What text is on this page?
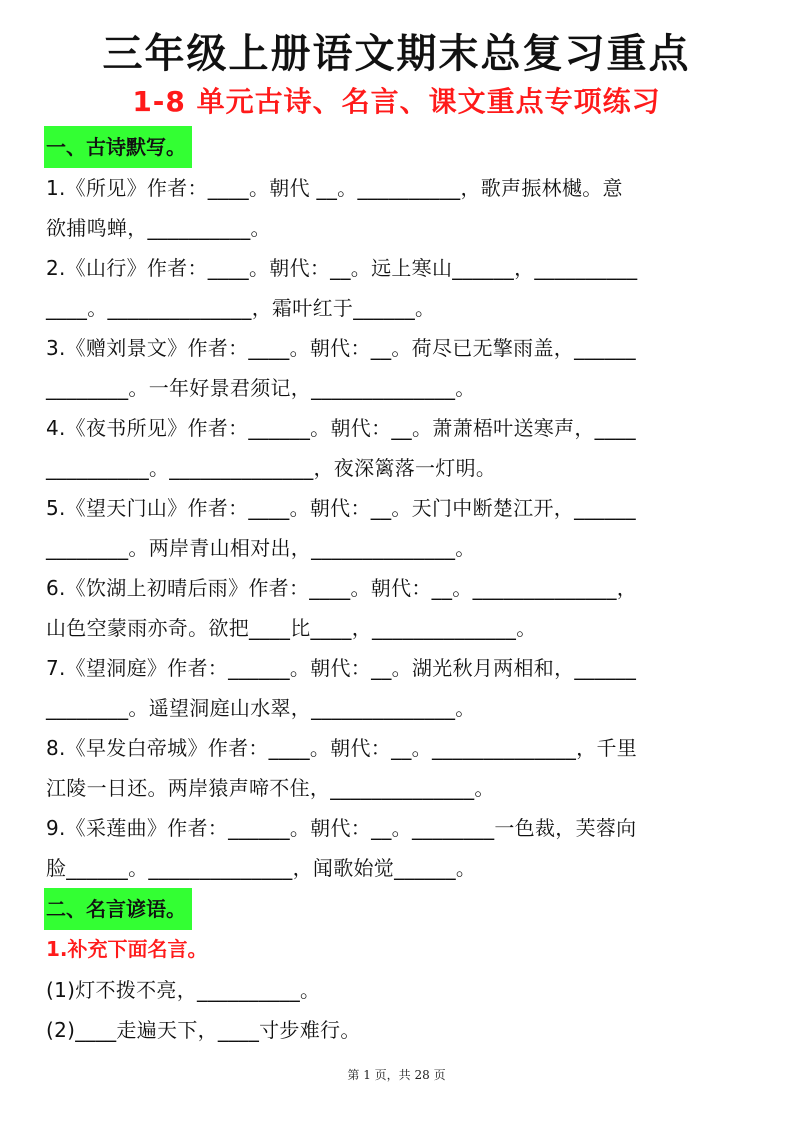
三年级上册语文期末总复习重点
1-8 单元古诗、名言、课文重点专项练习
一、古诗默写。
1.《所见》作者：____。朝代 __。__________，歌声振林樾。意
欲捕鸣蝉，__________。
2.《山行》作者：____。朝代：__。远上寒山______，__________
____。______________，霜叶红于______。
3.《赠刘景文》作者：____。朝代：__。荷尽已无擎雨盖，______
________。一年好景君须记，______________。
4.《夜书所见》作者：______。朝代：__。萧萧梧叶送寒声，____
__________。______________，夜深篱落一灯明。
5.《望天门山》作者：____。朝代：__。天门中断楚江开，______
________。两岸青山相对出，______________。
6.《饮湖上初晴后雨》作者：____。朝代：__。______________，
山色空蒙雨亦奇。欲把____比____，______________。
7.《望洞庭》作者：______。朝代：__。湖光秋月两相和，______
________。遥望洞庭山水翠，______________。
8.《早发白帝城》作者：____。朝代：__。______________，千里
江陵一日还。两岸猿声啼不住，______________。
9.《采莲曲》作者：______。朝代：__。________一色裁，芙蓉向
脸______。______________，闻歌始觉______。
二、名言谚语。
1.补充下面名言。
(1)灯不拨不亮，__________。
(2)____走遍天下，____寸步难行。
第 1 页，共 28 页
